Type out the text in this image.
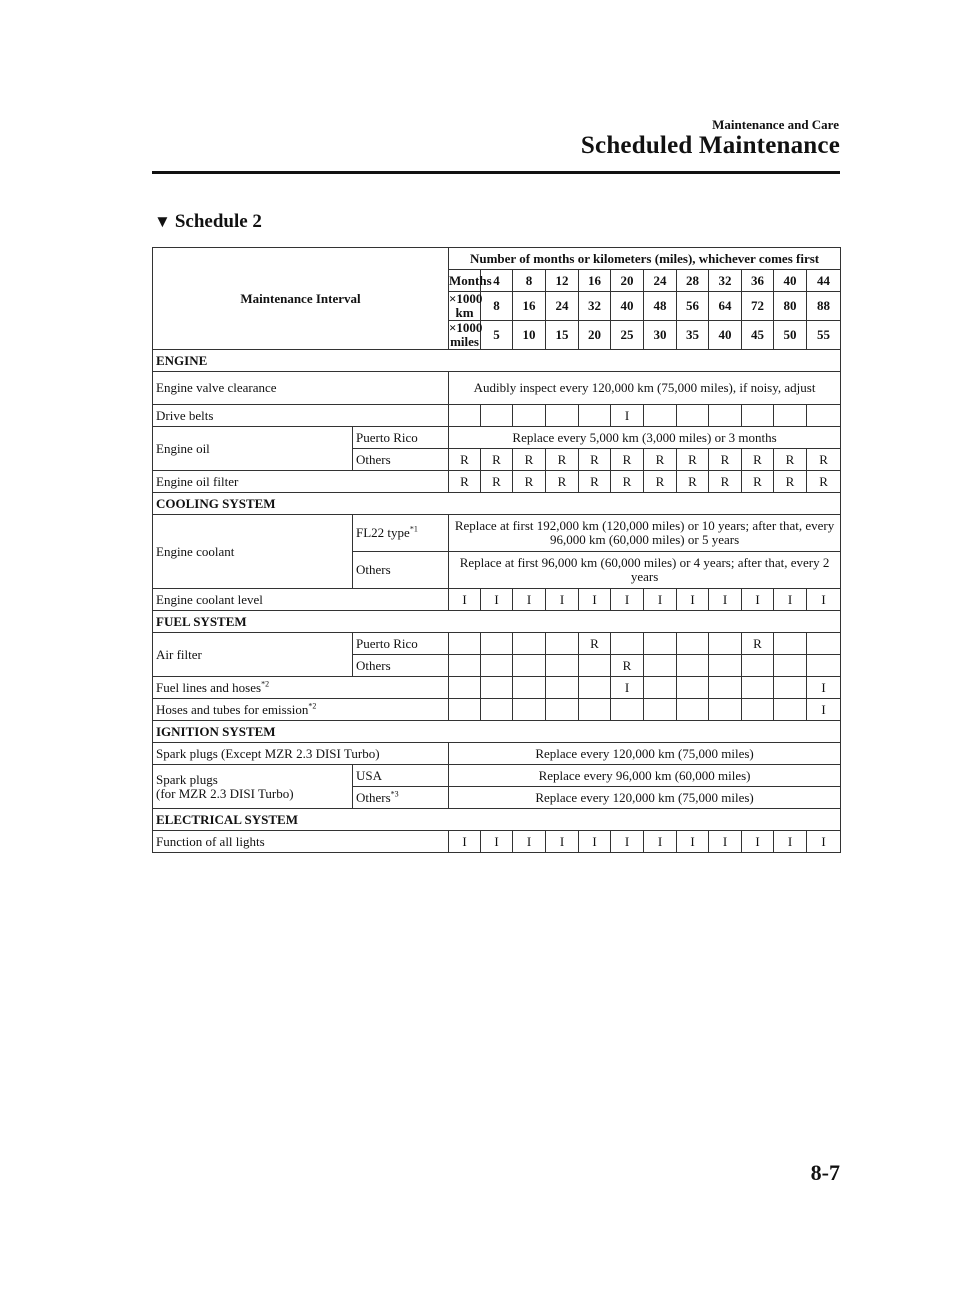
Maintenance and Care
Scheduled Maintenance
▼ Schedule 2
Maintenance Interval		Number of months or kilometers (miles), whichever comes first												
		Months	4	8	12	16	20	24	28	32	36	40	44	
		×1000 km	8	16	24	32	40	48	56	64	72	80	88	
		×1000 miles	5	10	15	20	25	30	35	40	45	50	55	
ENGINE														
Engine valve clearance		Audibly inspect every 120,000 km (75,000 miles), if noisy, adjust												
Drive belts							I							
Engine oil	Puerto Rico	Replace every 5,000 km (3,000 miles) or 3 months												
	Others	R	R	R	R	R	R	R	R	R	R	R	R	
Engine oil filter		R	R	R	R	R	R	R	R	R	R	R	R	
COOLING SYSTEM														
Engine coolant	FL22 type$^{*1}$	Replace at first 192,000 km (120,000 miles) or 10 years; after that, every 96,000 km (60,000 miles) or 5 years												
	Others	Replace at first 96,000 km (60,000 miles) or 4 years; after that, every 2 years												
Engine coolant level		I	I	I	I	I	I	I	I	I	I	I	I	
FUEL SYSTEM														
Air filter	Puerto Rico					R					R			
	Others						R							
Fuel lines and hoses$^{*2}$							I						I	
Hoses and tubes for emission$^{*2}$													I	
IGNITION SYSTEM														
Spark plugs (Except MZR 2.3 DISI Turbo)		Replace every 120,000 km (75,000 miles)												
Spark plugs
(for MZR 2.3 DISI Turbo)	USA	Replace every 96,000 km (60,000 miles)												
	Others$^{*3}$	Replace every 120,000 km (75,000 miles)												
ELECTRICAL SYSTEM														
Function of all lights		I	I	I	I	I	I	I	I	I	I	I	I	
8-7
